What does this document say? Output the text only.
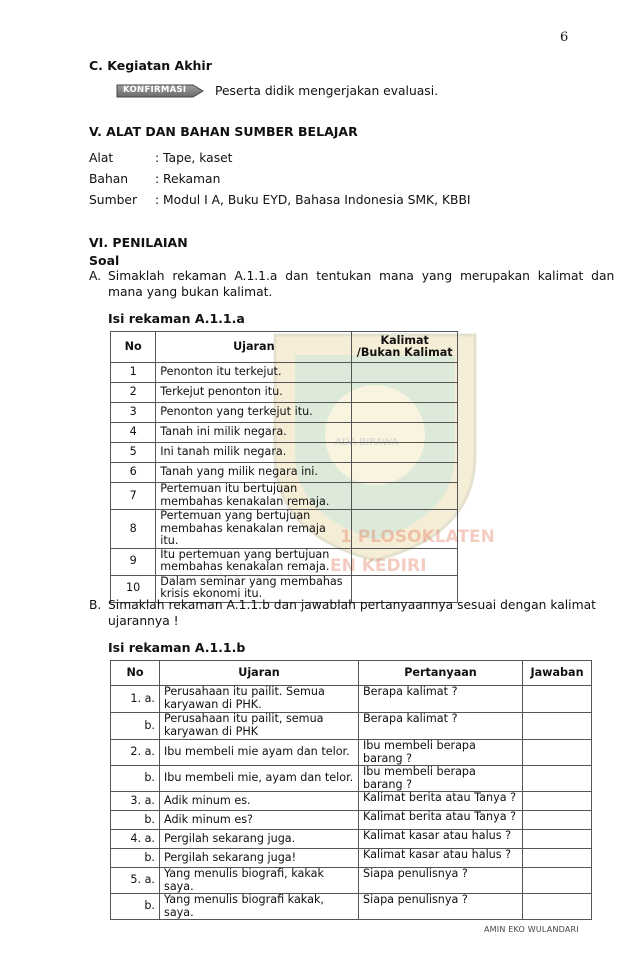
ADA BIRAWA
1 PLOSOKLATEN
EN KEDIRI
6
C. Kegiatan Akhir
KONFIRMASI Peserta didik mengerjakan evaluasi.
V. ALAT DAN BAHAN SUMBER BELAJAR
Alat	: Tape, kaset
Bahan : Rekaman
Sumber : Modul I A, Buku EYD, Bahasa Indonesia SMK, KBBI
VI. PENILAIAN
Soal
A. Simaklah  rekaman  A.1.1.a  dan  tentukan  mana  yang  merupakan  kalimat  dan
mana yang bukan kalimat.
Isi rekaman A.1.1.a
No	Ujaran	Kalimat
/Bukan Kalimat

1	Penonton itu terkejut.	

2	Terkejut penonton itu.	

3	Penonton yang terkejut itu.	

4	Tanah ini milik negara.	

5	Ini tanah milik negara.	

6	Tanah yang milik negara ini.	

7	Pertemuan itu bertujuan
membahas kenakalan remaja.	

8	Pertemuan yang bertujuan
membahas kenakalan remaja itu.	

9	Itu pertemuan yang bertujuan
membahas kenakalan remaja.	

10	Dalam seminar yang membahas
krisis ekonomi itu.	

B. Simaklah rekaman A.1.1.b dan jawablah pertanyaannya sesuai dengan kalimat
ujarannya !
Isi rekaman A.1.1.b
No	Ujaran	Pertanyaan	Jawaban
1. a.	Perusahaan itu pailit. Semua
karyawan di PHK.	Berapa kalimat ?	
b.	Perusahaan itu pailit, semua
karyawan di PHK	Berapa kalimat ?	
2. a.	Ibu membeli mie ayam dan telor.	Ibu membeli berapa barang ?	
b.	Ibu membeli mie, ayam dan telor.	Ibu membeli berapa barang ?	
3. a.	Adik minum es.	Kalimat berita atau Tanya ?	
b.	Adik minum es?	Kalimat berita atau Tanya ?	
4. a.	Pergilah sekarang juga.	Kalimat kasar atau halus ?	
b.	Pergilah sekarang juga!	Kalimat kasar atau halus ?	
5. a.	Yang menulis biografi, kakak saya.	Siapa penulisnya ?	
b.	Yang menulis biografi kakak, saya.	Siapa penulisnya ?	
AMIN EKO WULANDARI
